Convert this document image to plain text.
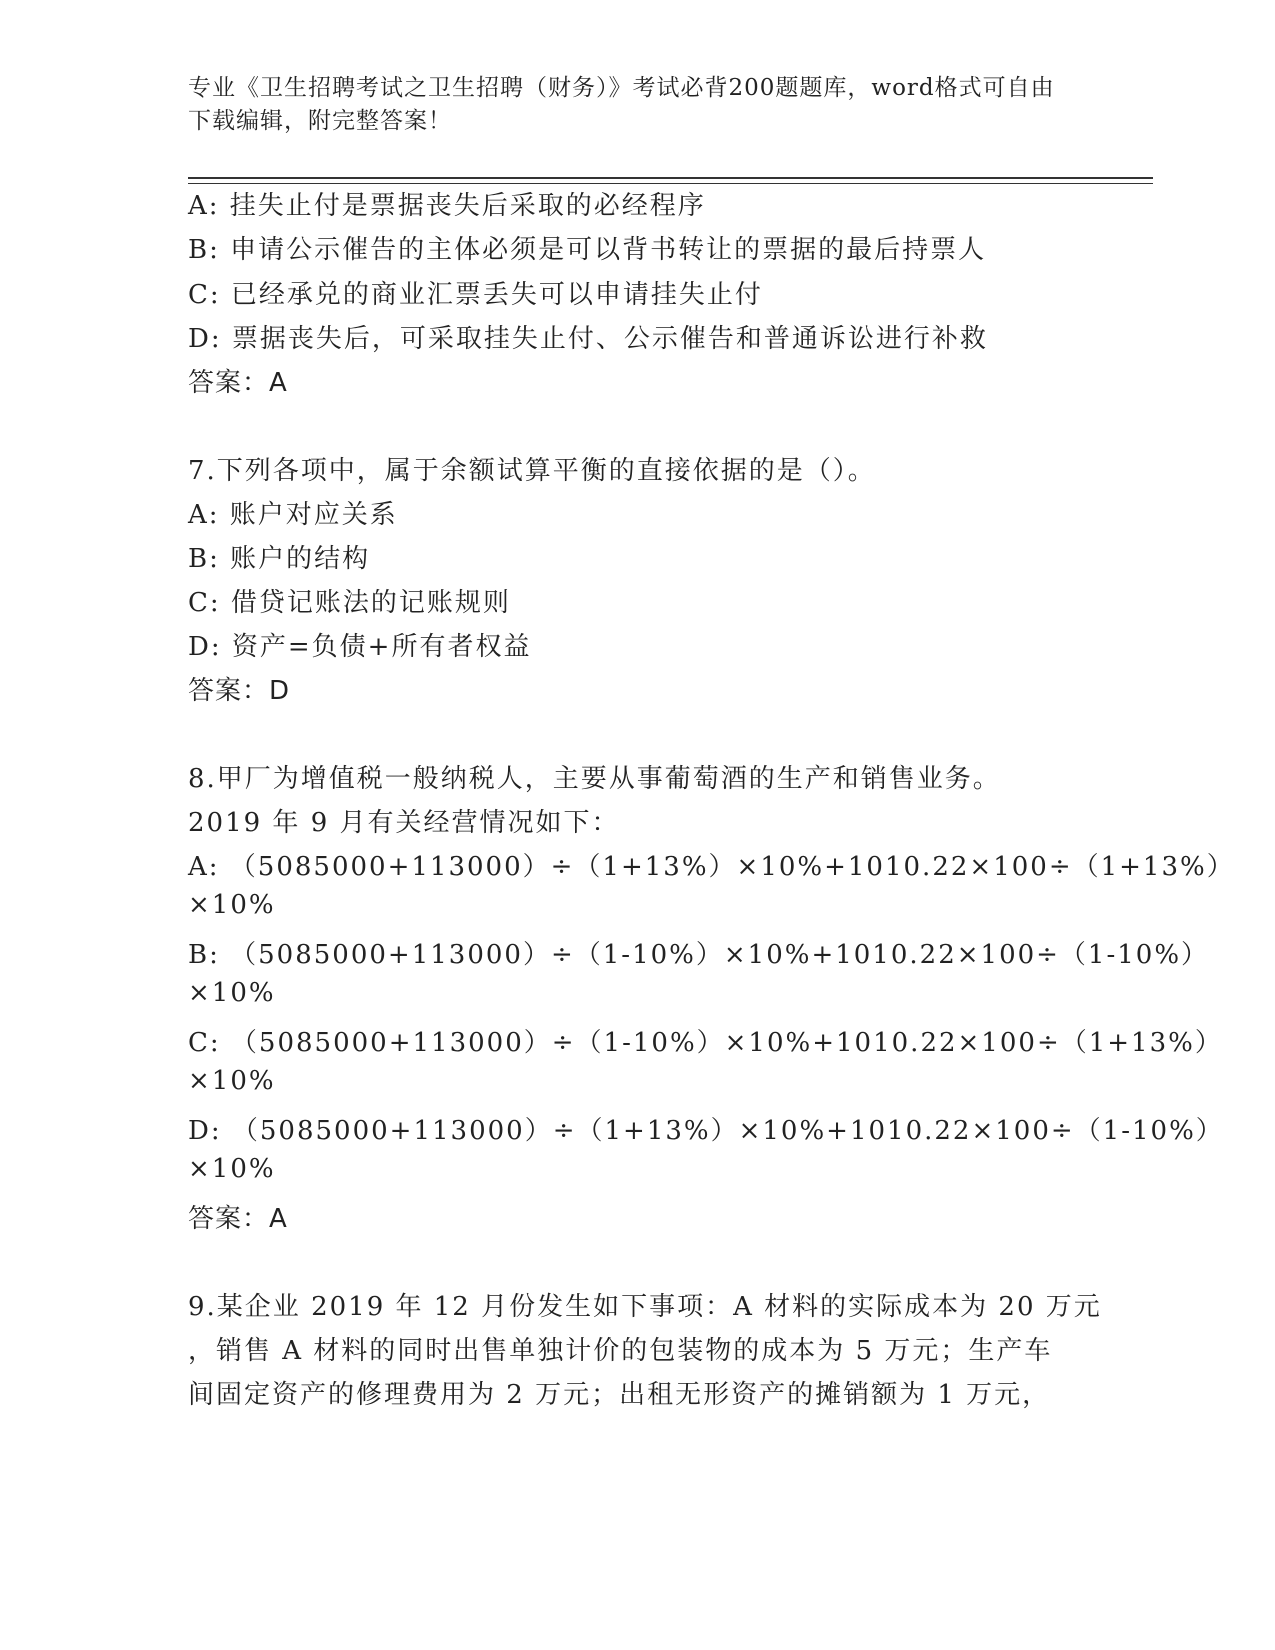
专业《卫生招聘考试之卫生招聘（财务）》考试必背200题题库，word格式可自由下载编辑，附完整答案！
A: 挂失止付是票据丧失后采取的必经程序
B: 申请公示催告的主体必须是可以背书转让的票据的最后持票人
C: 已经承兑的商业汇票丢失可以申请挂失止付
D: 票据丧失后，可采取挂失止付、公示催告和普通诉讼进行补救
答案：A
7.下列各项中，属于余额试算平衡的直接依据的是（）。
A: 账户对应关系
B: 账户的结构
C: 借贷记账法的记账规则
D: 资产=负债+所有者权益
答案：D
8.甲厂为增值税一般纳税人，主要从事葡萄酒的生产和销售业务。
2019 年 9 月有关经营情况如下：
A: （5085000+113000）÷（1+13%）×10%+1010.22×100÷（1+13%）
×10%
B: （5085000+113000）÷（1-10%）×10%+1010.22×100÷（1-10%）
×10%
C: （5085000+113000）÷（1-10%）×10%+1010.22×100÷（1+13%）
×10%
D: （5085000+113000）÷（1+13%）×10%+1010.22×100÷（1-10%）
×10%
答案：A
9.某企业 2019 年 12 月份发生如下事项：A 材料的实际成本为 20 万元
，销售 A 材料的同时出售单独计价的包装物的成本为 5 万元；生产车
间固定资产的修理费用为 2 万元；出租无形资产的摊销额为 1 万元，
